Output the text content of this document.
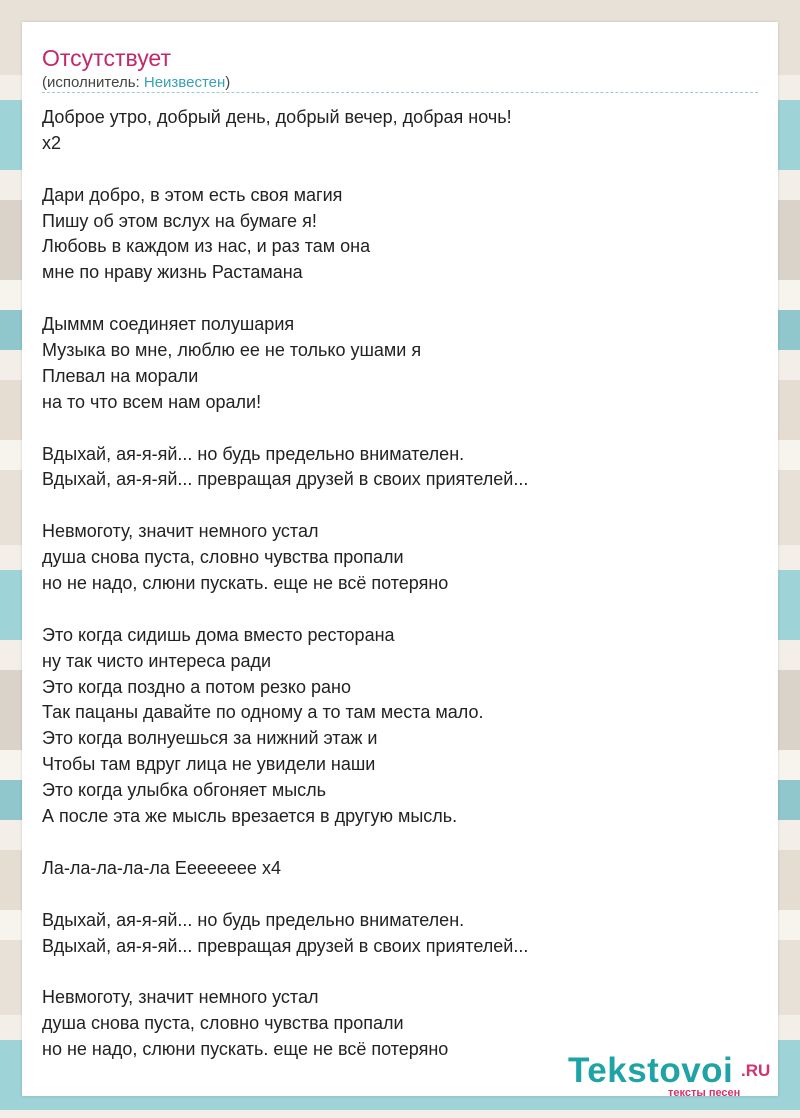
Отсутствует
(исполнитель: Неизвестен)
Доброе утро, добрый день, добрый вечер, добрая ночь!
x2
Дари добро, в этом есть своя магия
Пишу об этом вслух на бумаге я!
Любовь в каждом из нас, и раз там она
мне по нраву жизнь Растамана
Дыммм соединяет полушария
Музыка во мне, люблю ее не только ушами я
Плевал на морали
на то что всем нам орали!
Вдыхай, ая-я-яй... но будь предельно внимателен.
Вдыхай, ая-я-яй... превращая друзей в своих приятелей...
Невмоготу, значит немного устал
душа снова пуста, словно чувства пропали
но не надо, слюни пускать. еще не всё потеряно
Это когда сидишь дома вместо ресторана
ну так чисто интереса ради
Это когда поздно а потом резко рано
Так пацаны давайте по одному а то там места мало.
Это когда волнуешься за нижний этаж и
Чтобы там вдруг лица не увидели наши
Это когда улыбка обгоняет мысль
А после эта же мысль врезается в другую мысль.
Ла-ла-ла-ла-ла Ееееееее x4
Вдыхай, ая-я-яй... но будь предельно внимателен.
Вдыхай, ая-я-яй... превращая друзей в своих приятелей...
Невмоготу, значит немного устал
душа снова пуста, словно чувства пропали
но не надо, слюни пускать. еще не всё потеряно
Tekstovoi .RU
тексты песен
